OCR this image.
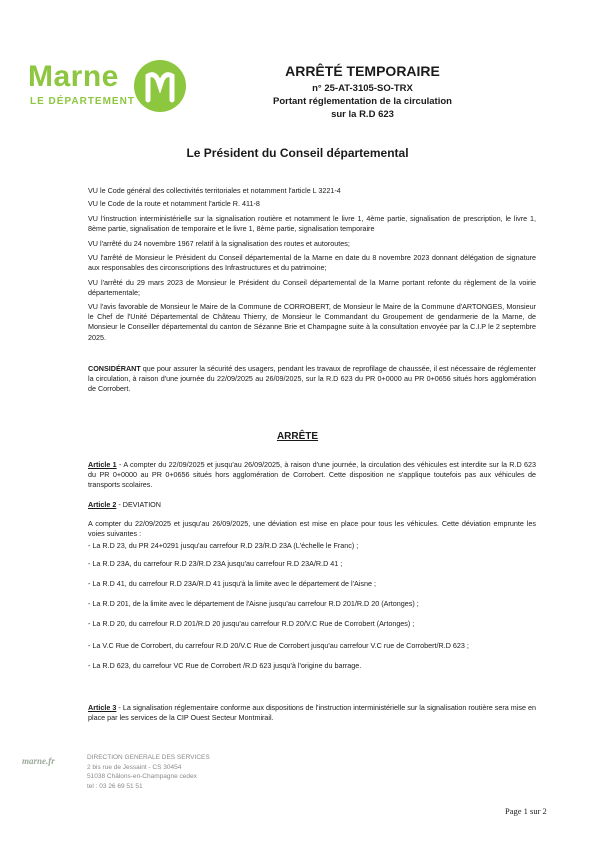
Marne
LE DÉPARTEMENT
ARRÊTÉ TEMPORAIRE
n° 25-AT-3105-SO-TRX
Portant réglementation de la circulation
sur la R.D 623
Le Président du Conseil départemental
VU le Code général des collectivités territoriales et notamment l'article L 3221-4
VU le Code de la route et notamment l'article R. 411-8
VU l'instruction interministérielle sur la signalisation routière et notamment le livre 1, 4ème partie, signalisation de prescription, le livre 1, 8ème partie, signalisation de temporaire et le livre 1, 8ème partie, signalisation temporaire
VU l'arrêté du 24 novembre 1967 relatif à la signalisation des routes et autoroutes;
VU l'arrêté de Monsieur le Président du Conseil départemental de la Marne en date du 8 novembre 2023 donnant délégation de signature aux responsables des circonscriptions des Infrastructures et du patrimoine;
VU l'arrêté du 29 mars 2023 de Monsieur le Président du Conseil départemental de la Marne portant refonte du règlement de la voirie départementale;
VU l'avis favorable de Monsieur le Maire de la Commune de CORROBERT, de Monsieur le Maire de la Commune d'ARTONGES, Monsieur le Chef de l'Unité Départemental de Château Thierry, de Monsieur le Commandant du Groupement de gendarmerie de la Marne, de Monsieur le Conseiller départemental du canton de Sézanne Brie et Champagne suite à la consultation envoyée par la C.I.P le 2 septembre 2025.
CONSIDÉRANT que pour assurer la sécurité des usagers, pendant les travaux de reprofilage de chaussée, il est nécessaire de réglementer la circulation, à raison d'une journée du 22/09/2025 au 26/09/2025, sur la R.D 623 du PR 0+0000 au PR 0+0656 situés hors agglomération de Corrobert.
ARRÊTE
Article 1 - A compter du 22/09/2025 et jusqu'au 26/09/2025, à raison d'une journée, la circulation des véhicules est interdite sur la R.D 623 du PR 0+0000 au PR 0+0656 situés hors agglomération de Corrobert. Cette disposition ne s'applique toutefois pas aux véhicules de transports scolaires.
Article 2 - DEVIATION
A compter du 22/09/2025 et jusqu'au 26/09/2025, une déviation est mise en place pour tous les véhicules. Cette déviation emprunte les voies suivantes :
- La R.D 23, du PR 24+0291 jusqu'au carrefour R.D 23/R.D 23A (L'échelle le Franc) ;
- La R.D 23A, du carrefour R.D 23/R.D 23A jusqu'au carrefour R.D 23A/R.D 41 ;
- La R.D 41, du carrefour R.D 23A/R.D 41 jusqu'à la limite avec le département de l'Aisne ;
- La R.D 201, de la limite avec le département de l'Aisne jusqu'au carrefour R.D 201/R.D 20 (Artonges) ;
- La R.D 20, du carrefour R.D 201/R.D 20 jusqu'au carrefour R.D 20/V.C Rue de Corrobert (Artonges) ;
- La V.C Rue de Corrobert, du carrefour R.D 20/V.C Rue de Corrobert jusqu'au carrefour V.C rue de Corrobert/R.D 623 ;
- La R.D 623, du carrefour VC Rue de Corrobert /R.D 623 jusqu'à l'origine du barrage.
Article 3 - La signalisation réglementaire conforme aux dispositions de l'instruction interministérielle sur la signalisation routière sera mise en place par les services de la CIP Ouest Secteur Montmirail.
marne.fr	DIRECTION GENERALE DES SERVICES
2 bis rue de Jessaint - CS 30454
51038 Châlons-en-Champagne cedex
tel : 03 26 69 51 51
Page 1 sur 2
